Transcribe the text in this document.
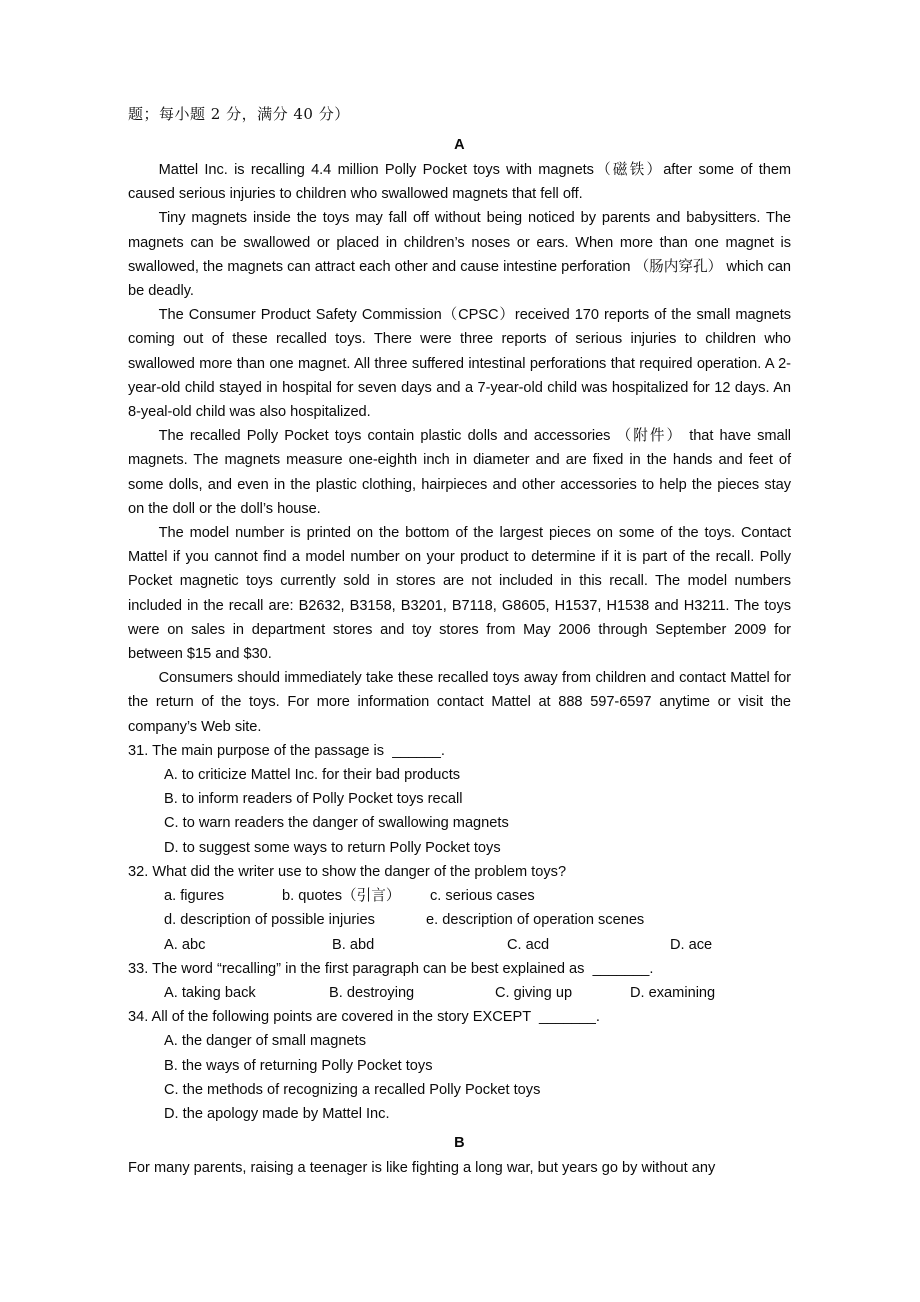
题；每小题 2 分，满分 40 分）
A

Mattel Inc. is recalling 4.4 million Polly Pocket toys with magnets（磁铁）after some of them caused serious injuries to children who swallowed magnets that fell off.

Tiny magnets inside the toys may fall off without being noticed by parents and babysitters. The magnets can be swallowed or placed in children’s noses or ears. When more than one magnet is swallowed, the magnets can attract each other and cause intestine perforation （肠内穿孔） which can be deadly.

The Consumer Product Safety Commission（CPSC）received 170 reports of the small magnets coming out of these recalled toys. There were three reports of serious injuries to children who swallowed more than one magnet. All three suffered intestinal perforations that required operation. A 2-year-old child stayed in hospital for seven days and a 7-year-old child was hospitalized for 12 days. An 8-yeal-old child was also hospitalized.

The recalled Polly Pocket toys contain plastic dolls and accessories （附件） that have small magnets. The magnets measure one-eighth inch in diameter and are fixed in the hands and feet of some dolls, and even in the plastic clothing, hairpieces and other accessories to help the pieces stay on the doll or the doll’s house.

The model number is printed on the bottom of the largest pieces on some of the toys. Contact Mattel if you cannot find a model number on your product to determine if it is part of the recall. Polly Pocket magnetic toys currently sold in stores are not included in this recall. The model numbers included in the recall are: B2632, B3158, B3201, B7118, G8605, H1537, H1538 and H3211. The toys were on sales in department stores and toy stores from May 2006 through September 2009 for between $15 and $30.

Consumers should immediately take these recalled toys away from children and contact Mattel for the return of the toys. For more information contact Mattel at 888 597-6597 anytime or visit the company’s Web site.

31. The main purpose of the passage is  ______.

A. to criticize Mattel Inc. for their bad products

B. to inform readers of Polly Pocket toys recall

C. to warn readers the danger of swallowing magnets

D. to suggest some ways to return Polly Pocket toys

32. What did the writer use to show the danger of the problem toys?

a. figures	b. quotes（引言） c. serious cases

d. description of possible injuries	e. description of operation scenes

A. abc	B. abd	C. acd	D. ace

33. The word “recalling” in the first paragraph can be best explained as  _______.

A. taking back	B. destroying	C. giving up	D. examining

34. All of the following points are covered in the story EXCEPT  _______.

A. the danger of small magnets

B. the ways of returning Polly Pocket toys

C. the methods of recognizing a recalled Polly Pocket toys

D. the apology made by Mattel Inc.

B

For many parents, raising a teenager is like fighting a long war, but years go by without any
